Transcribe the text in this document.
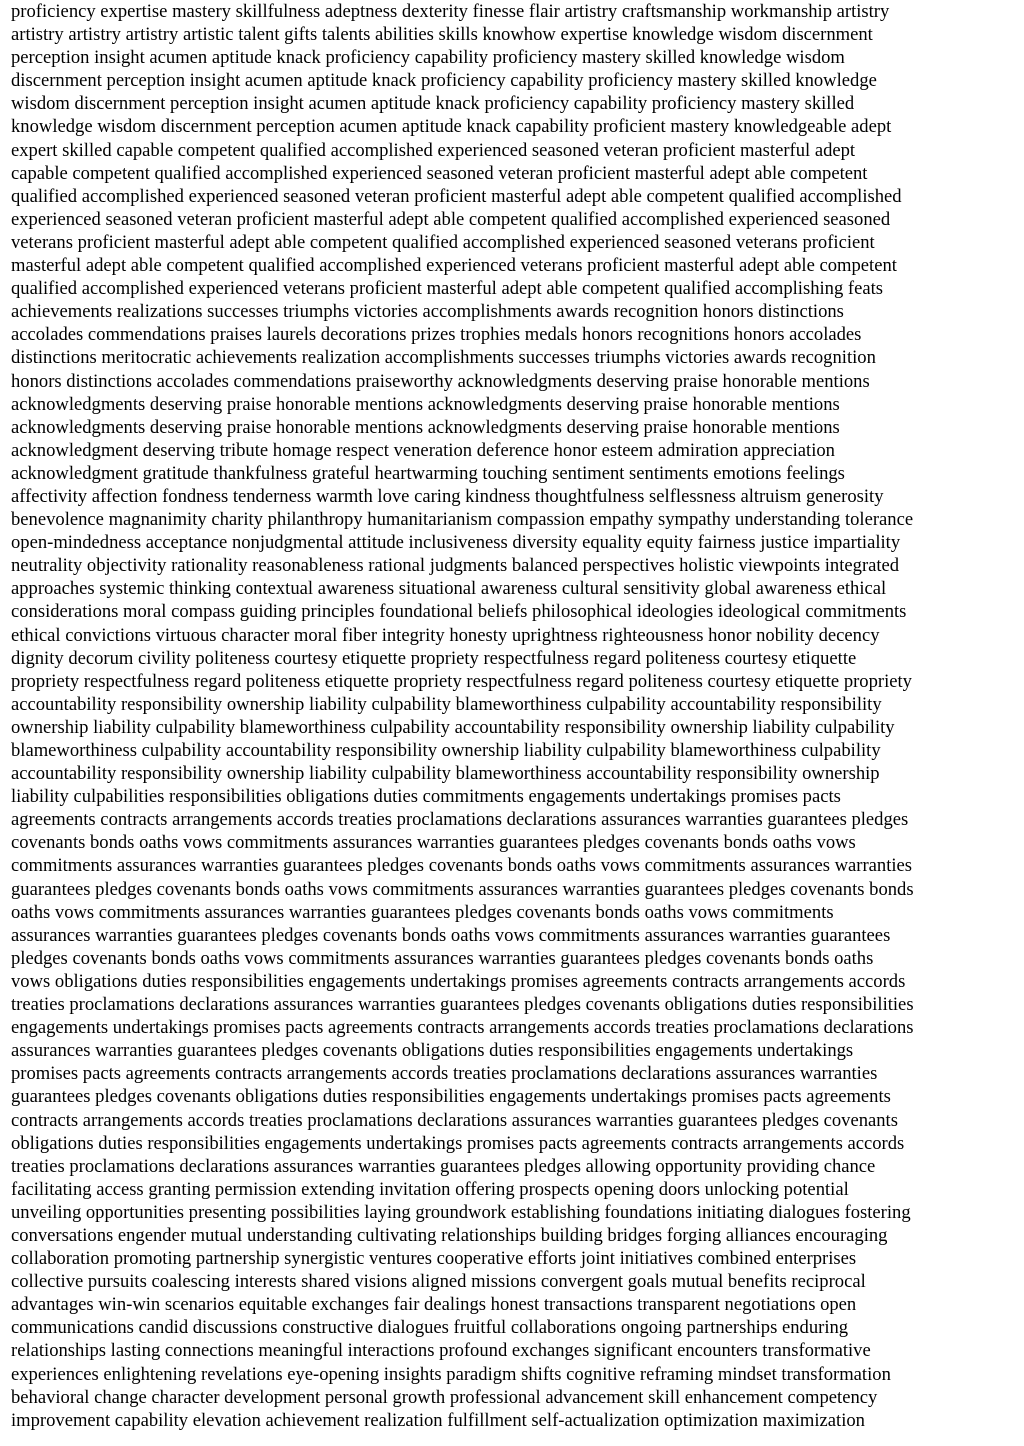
proficiency expertise mastery skillfulness adeptness dexterity finesse flair artistry craftsmanship workmanship artistry

artistry artistry artistry artistic talent gifts talents abilities skills knowhow expertise knowledge wisdom discernment

perception insight acumen aptitude knack proficiency capability proficiency mastery skilled knowledge wisdom

discernment perception insight acumen aptitude knack proficiency capability proficiency mastery skilled knowledge

wisdom discernment perception insight acumen aptitude knack proficiency capability proficiency mastery skilled

knowledge wisdom discernment perception acumen aptitude knack capability proficient mastery knowledgeable adept

expert skilled capable competent qualified accomplished experienced seasoned veteran proficient masterful adept

capable competent qualified accomplished experienced seasoned veteran proficient masterful adept able competent

qualified accomplished experienced seasoned veteran proficient masterful adept able competent qualified accomplished

experienced seasoned veteran proficient masterful adept able competent qualified accomplished experienced seasoned

veterans proficient masterful adept able competent qualified accomplished experienced seasoned veterans proficient

masterful adept able competent qualified accomplished experienced veterans proficient masterful adept able competent

qualified accomplished experienced veterans proficient masterful adept able competent qualified accomplishing feats

achievements realizations successes triumphs victories accomplishments awards recognition honors distinctions

accolades commendations praises laurels decorations prizes trophies medals honors recognitions honors accolades

distinctions meritocratic achievements realization accomplishments successes triumphs victories awards recognition

honors distinctions accolades commendations praiseworthy acknowledgments deserving praise honorable mentions

acknowledgments deserving praise honorable mentions acknowledgments deserving praise honorable mentions

acknowledgments deserving praise honorable mentions acknowledgments deserving praise honorable mentions

acknowledgment deserving tribute homage respect veneration deference honor esteem admiration appreciation

acknowledgment gratitude thankfulness grateful heartwarming touching sentiment sentiments emotions feelings

affectivity affection fondness tenderness warmth love caring kindness thoughtfulness selflessness altruism generosity

benevolence magnanimity charity philanthropy humanitarianism compassion empathy sympathy understanding tolerance

open-mindedness acceptance nonjudgmental attitude inclusiveness diversity equality equity fairness justice impartiality

neutrality objectivity rationality reasonableness rational judgments balanced perspectives holistic viewpoints integrated

approaches systemic thinking contextual awareness situational awareness cultural sensitivity global awareness ethical

considerations moral compass guiding principles foundational beliefs philosophical ideologies ideological commitments

ethical convictions virtuous character moral fiber integrity honesty uprightness righteousness honor nobility decency

dignity decorum civility politeness courtesy etiquette propriety respectfulness regard politeness courtesy etiquette

propriety respectfulness regard politeness etiquette propriety respectfulness regard politeness courtesy etiquette propriety

accountability responsibility ownership liability culpability blameworthiness culpability accountability responsibility

ownership liability culpability blameworthiness culpability accountability responsibility ownership liability culpability

blameworthiness culpability accountability responsibility ownership liability culpability blameworthiness culpability

accountability responsibility ownership liability culpability blameworthiness accountability responsibility ownership

liability culpabilities responsibilities obligations duties commitments engagements undertakings promises pacts

agreements contracts arrangements accords treaties proclamations declarations assurances warranties guarantees pledges

covenants bonds oaths vows commitments assurances warranties guarantees pledges covenants bonds oaths vows

commitments assurances warranties guarantees pledges covenants bonds oaths vows commitments assurances warranties

guarantees pledges covenants bonds oaths vows commitments assurances warranties guarantees pledges covenants bonds

oaths vows commitments assurances warranties guarantees pledges covenants bonds oaths vows commitments

assurances warranties guarantees pledges covenants bonds oaths vows commitments assurances warranties guarantees

pledges covenants bonds oaths vows commitments assurances warranties guarantees pledges covenants bonds oaths

vows obligations duties responsibilities engagements undertakings promises agreements contracts arrangements accords

treaties proclamations declarations assurances warranties guarantees pledges covenants obligations duties responsibilities

engagements undertakings promises pacts agreements contracts arrangements accords treaties proclamations declarations

assurances warranties guarantees pledges covenants obligations duties responsibilities engagements undertakings

promises pacts agreements contracts arrangements accords treaties proclamations declarations assurances warranties

guarantees pledges covenants obligations duties responsibilities engagements undertakings promises pacts agreements

contracts arrangements accords treaties proclamations declarations assurances warranties guarantees pledges covenants

obligations duties responsibilities engagements undertakings promises pacts agreements contracts arrangements accords

treaties proclamations declarations assurances warranties guarantees pledges allowing opportunity providing chance

facilitating access granting permission extending invitation offering prospects opening doors unlocking potential

unveiling opportunities presenting possibilities laying groundwork establishing foundations initiating dialogues fostering

conversations engender mutual understanding cultivating relationships building bridges forging alliances encouraging

collaboration promoting partnership synergistic ventures cooperative efforts joint initiatives combined enterprises

collective pursuits coalescing interests shared visions aligned missions convergent goals mutual benefits reciprocal

advantages win-win scenarios equitable exchanges fair dealings honest transactions transparent negotiations open

communications candid discussions constructive dialogues fruitful collaborations ongoing partnerships enduring

relationships lasting connections meaningful interactions profound exchanges significant encounters transformative

experiences enlightening revelations eye-opening insights paradigm shifts cognitive reframing mindset transformation

behavioral change character development personal growth professional advancement skill enhancement competency

improvement capability elevation achievement realization fulfillment self-actualization optimization maximization
